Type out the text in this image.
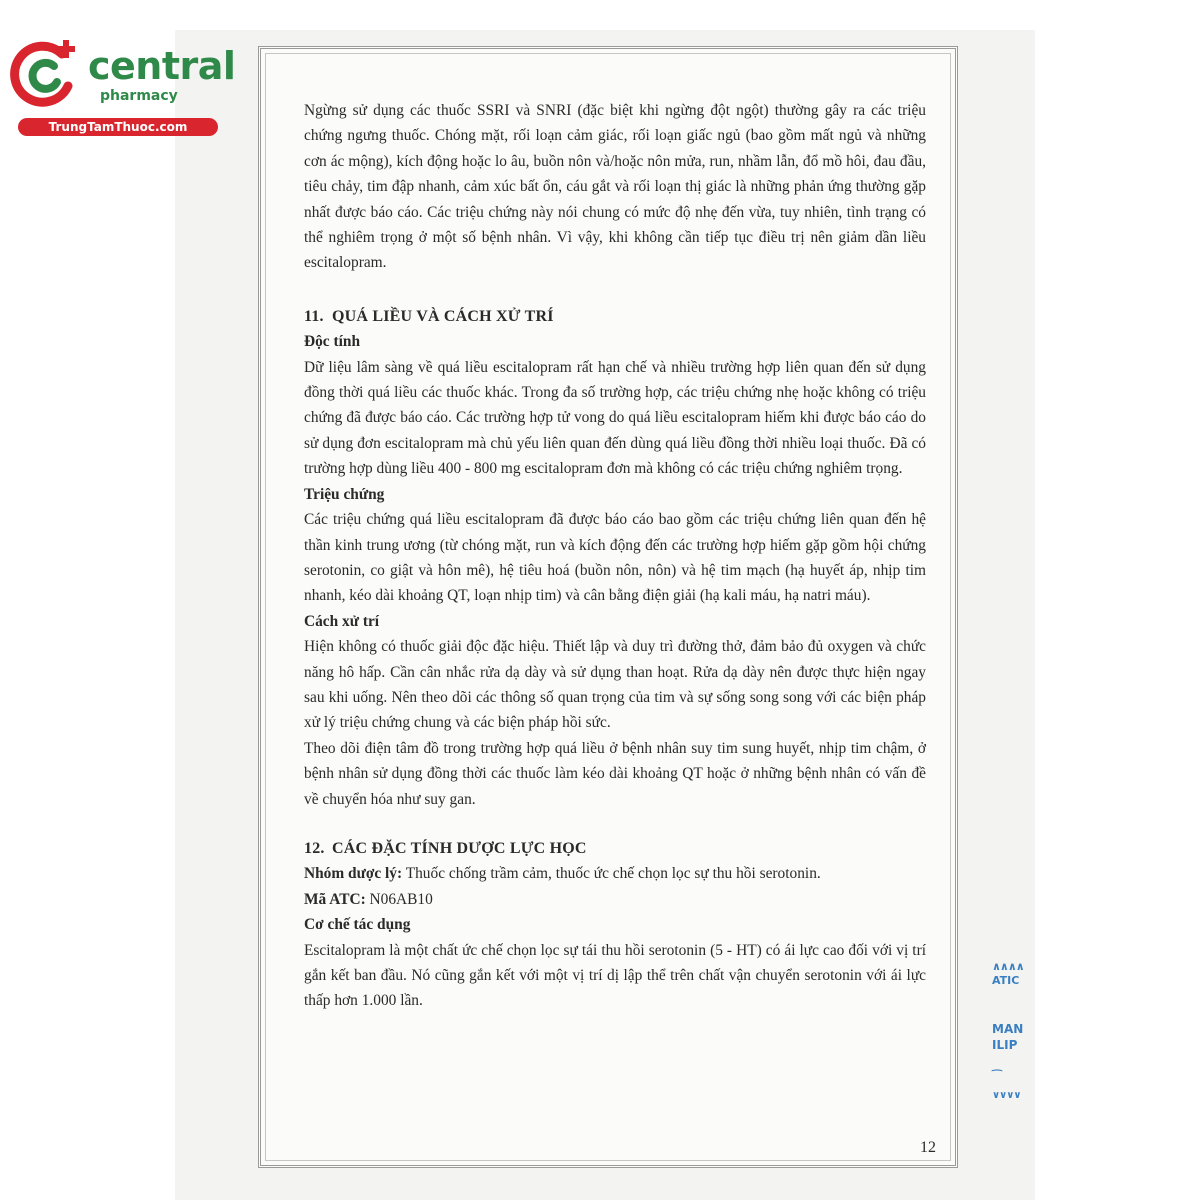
central
pharmacy
TrungTamThuoc.com

Ngừng sử dụng các thuốc SSRI và SNRI (đặc biệt khi ngừng đột ngột) thường gây ra các triệu chứng ngưng thuốc. Chóng mặt, rối loạn cảm giác, rối loạn giấc ngủ (bao gồm mất ngủ và những cơn ác mộng), kích động hoặc lo âu, buồn nôn và/hoặc nôn mửa, run, nhầm lẫn, đổ mồ hôi, đau đầu, tiêu chảy, tim đập nhanh, cảm xúc bất ổn, cáu gắt và rối loạn thị giác là những phản ứng thường gặp nhất được báo cáo. Các triệu chứng này nói chung có mức độ nhẹ đến vừa, tuy nhiên, tình trạng có thể nghiêm trọng ở một số bệnh nhân. Vì vậy, khi không cần tiếp tục điều trị nên giảm dần liều escitalopram.

11. QUÁ LIỀU VÀ CÁCH XỬ TRÍ

Độc tính

Dữ liệu lâm sàng về quá liều escitalopram rất hạn chế và nhiều trường hợp liên quan đến sử dụng đồng thời quá liều các thuốc khác. Trong đa số trường hợp, các triệu chứng nhẹ hoặc không có triệu chứng đã được báo cáo. Các trường hợp tử vong do quá liều escitalopram hiếm khi được báo cáo do sử dụng đơn escitalopram mà chủ yếu liên quan đến dùng quá liều đồng thời nhiều loại thuốc. Đã có trường hợp dùng liều 400 - 800 mg escitalopram đơn mà không có các triệu chứng nghiêm trọng.

Triệu chứng

Các triệu chứng quá liều escitalopram đã được báo cáo bao gồm các triệu chứng liên quan đến hệ thần kinh trung ương (từ chóng mặt, run và kích động đến các trường hợp hiếm gặp gồm hội chứng serotonin, co giật và hôn mê), hệ tiêu hoá (buồn nôn, nôn) và hệ tim mạch (hạ huyết áp, nhịp tim nhanh, kéo dài khoảng QT, loạn nhịp tim) và cân bằng điện giải (hạ kali máu, hạ natri máu).

Cách xử trí

Hiện không có thuốc giải độc đặc hiệu. Thiết lập và duy trì đường thở, đảm bảo đủ oxygen và chức năng hô hấp. Cần cân nhắc rửa dạ dày và sử dụng than hoạt. Rửa dạ dày nên được thực hiện ngay sau khi uống. Nên theo dõi các thông số quan trọng của tim và sự sống song song với các biện pháp xử lý triệu chứng chung và các biện pháp hồi sức.

Theo dõi điện tâm đồ trong trường hợp quá liều ở bệnh nhân suy tim sung huyết, nhịp tim chậm, ở bệnh nhân sử dụng đồng thời các thuốc làm kéo dài khoảng QT hoặc ở những bệnh nhân có vấn đề về chuyển hóa như suy gan.

12. CÁC ĐẶC TÍNH DƯỢC LỰC HỌC

Nhóm dược lý: Thuốc chống trầm cảm, thuốc ức chế chọn lọc sự thu hồi serotonin.

Mã ATC: N06AB10

Cơ chế tác dụng

Escitalopram là một chất ức chế chọn lọc sự tái thu hồi serotonin (5 - HT) có ái lực cao đối với vị trí gắn kết ban đầu. Nó cũng gắn kết với một vị trí dị lập thể trên chất vận chuyển serotonin với ái lực thấp hơn 1.000 lần.

12
∧∧∧∧
ATIC
MAN
ILIP
⁀
∨∨∨∨
